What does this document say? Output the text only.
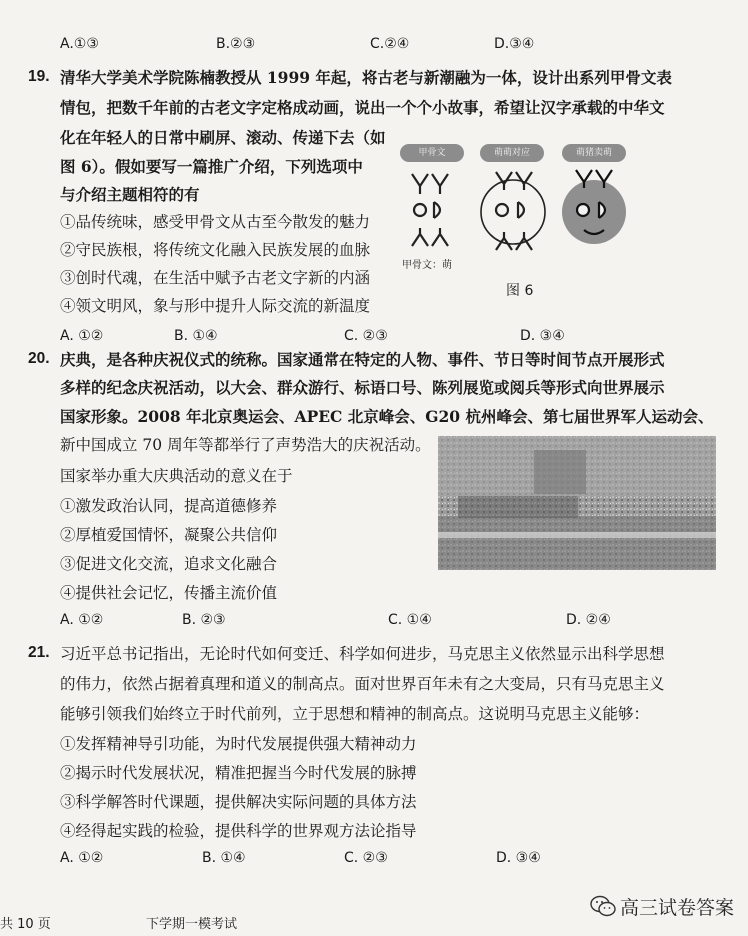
A.①③	B.②③	C.②④	D.③④
19. 清华大学美术学院陈楠教授从 1999 年起，将古老与新潮融为一体，设计出系列甲骨文表
情包，把数千年前的古老文字定格成动画，说出一个个小故事，希望让汉字承载的中华文
化在年轻人的日常中刷屏、滚动、传递下去（如
图 6）。假如要写一篇推广介绍，下列选项中
与介绍主题相符的有
①品传统味，感受甲骨文从古至今散发的魅力
②守民族根，将传统文化融入民族发展的血脉
③创时代魂，在生活中赋予古老文字新的内涵
④领文明风，象与形中提升人际交流的新温度
A. ①②	B. ①④	C. ②③	D. ③④
甲骨文	萌萌对应	萌猪卖萌
甲骨文：萌
图 6
20. 庆典，是各种庆祝仪式的统称。国家通常在特定的人物、事件、节日等时间节点开展形式
多样的纪念庆祝活动，以大会、群众游行、标语口号、陈列展览或阅兵等形式向世界展示
国家形象。2008 年北京奥运会、APEC 北京峰会、G20 杭州峰会、第七届世界军人运动会、
新中国成立 70 周年等都举行了声势浩大的庆祝活动。
国家举办重大庆典活动的意义在于
①激发政治认同，提高道德修养
②厚植爱国情怀，凝聚公共信仰
③促进文化交流，追求文化融合
④提供社会记忆，传播主流价值
A. ①②	B. ②③	C. ①④	D. ②④
21. 习近平总书记指出，无论时代如何变迁、科学如何进步，马克思主义依然显示出科学思想
的伟力，依然占据着真理和道义的制高点。面对世界百年未有之大变局，只有马克思主义
能够引领我们始终立于时代前列，立于思想和精神的制高点。这说明马克思主义能够：
①发挥精神导引功能，为时代发展提供强大精神动力
②揭示时代发展状况，精准把握当今时代发展的脉搏
③科学解答时代课题，提供解决实际问题的具体方法
④经得起实践的检验，提供科学的世界观方法论指导
A. ①②	B. ①④	C. ②③	D. ③④
共 10 页	下学期一模考试
高三试卷答案
